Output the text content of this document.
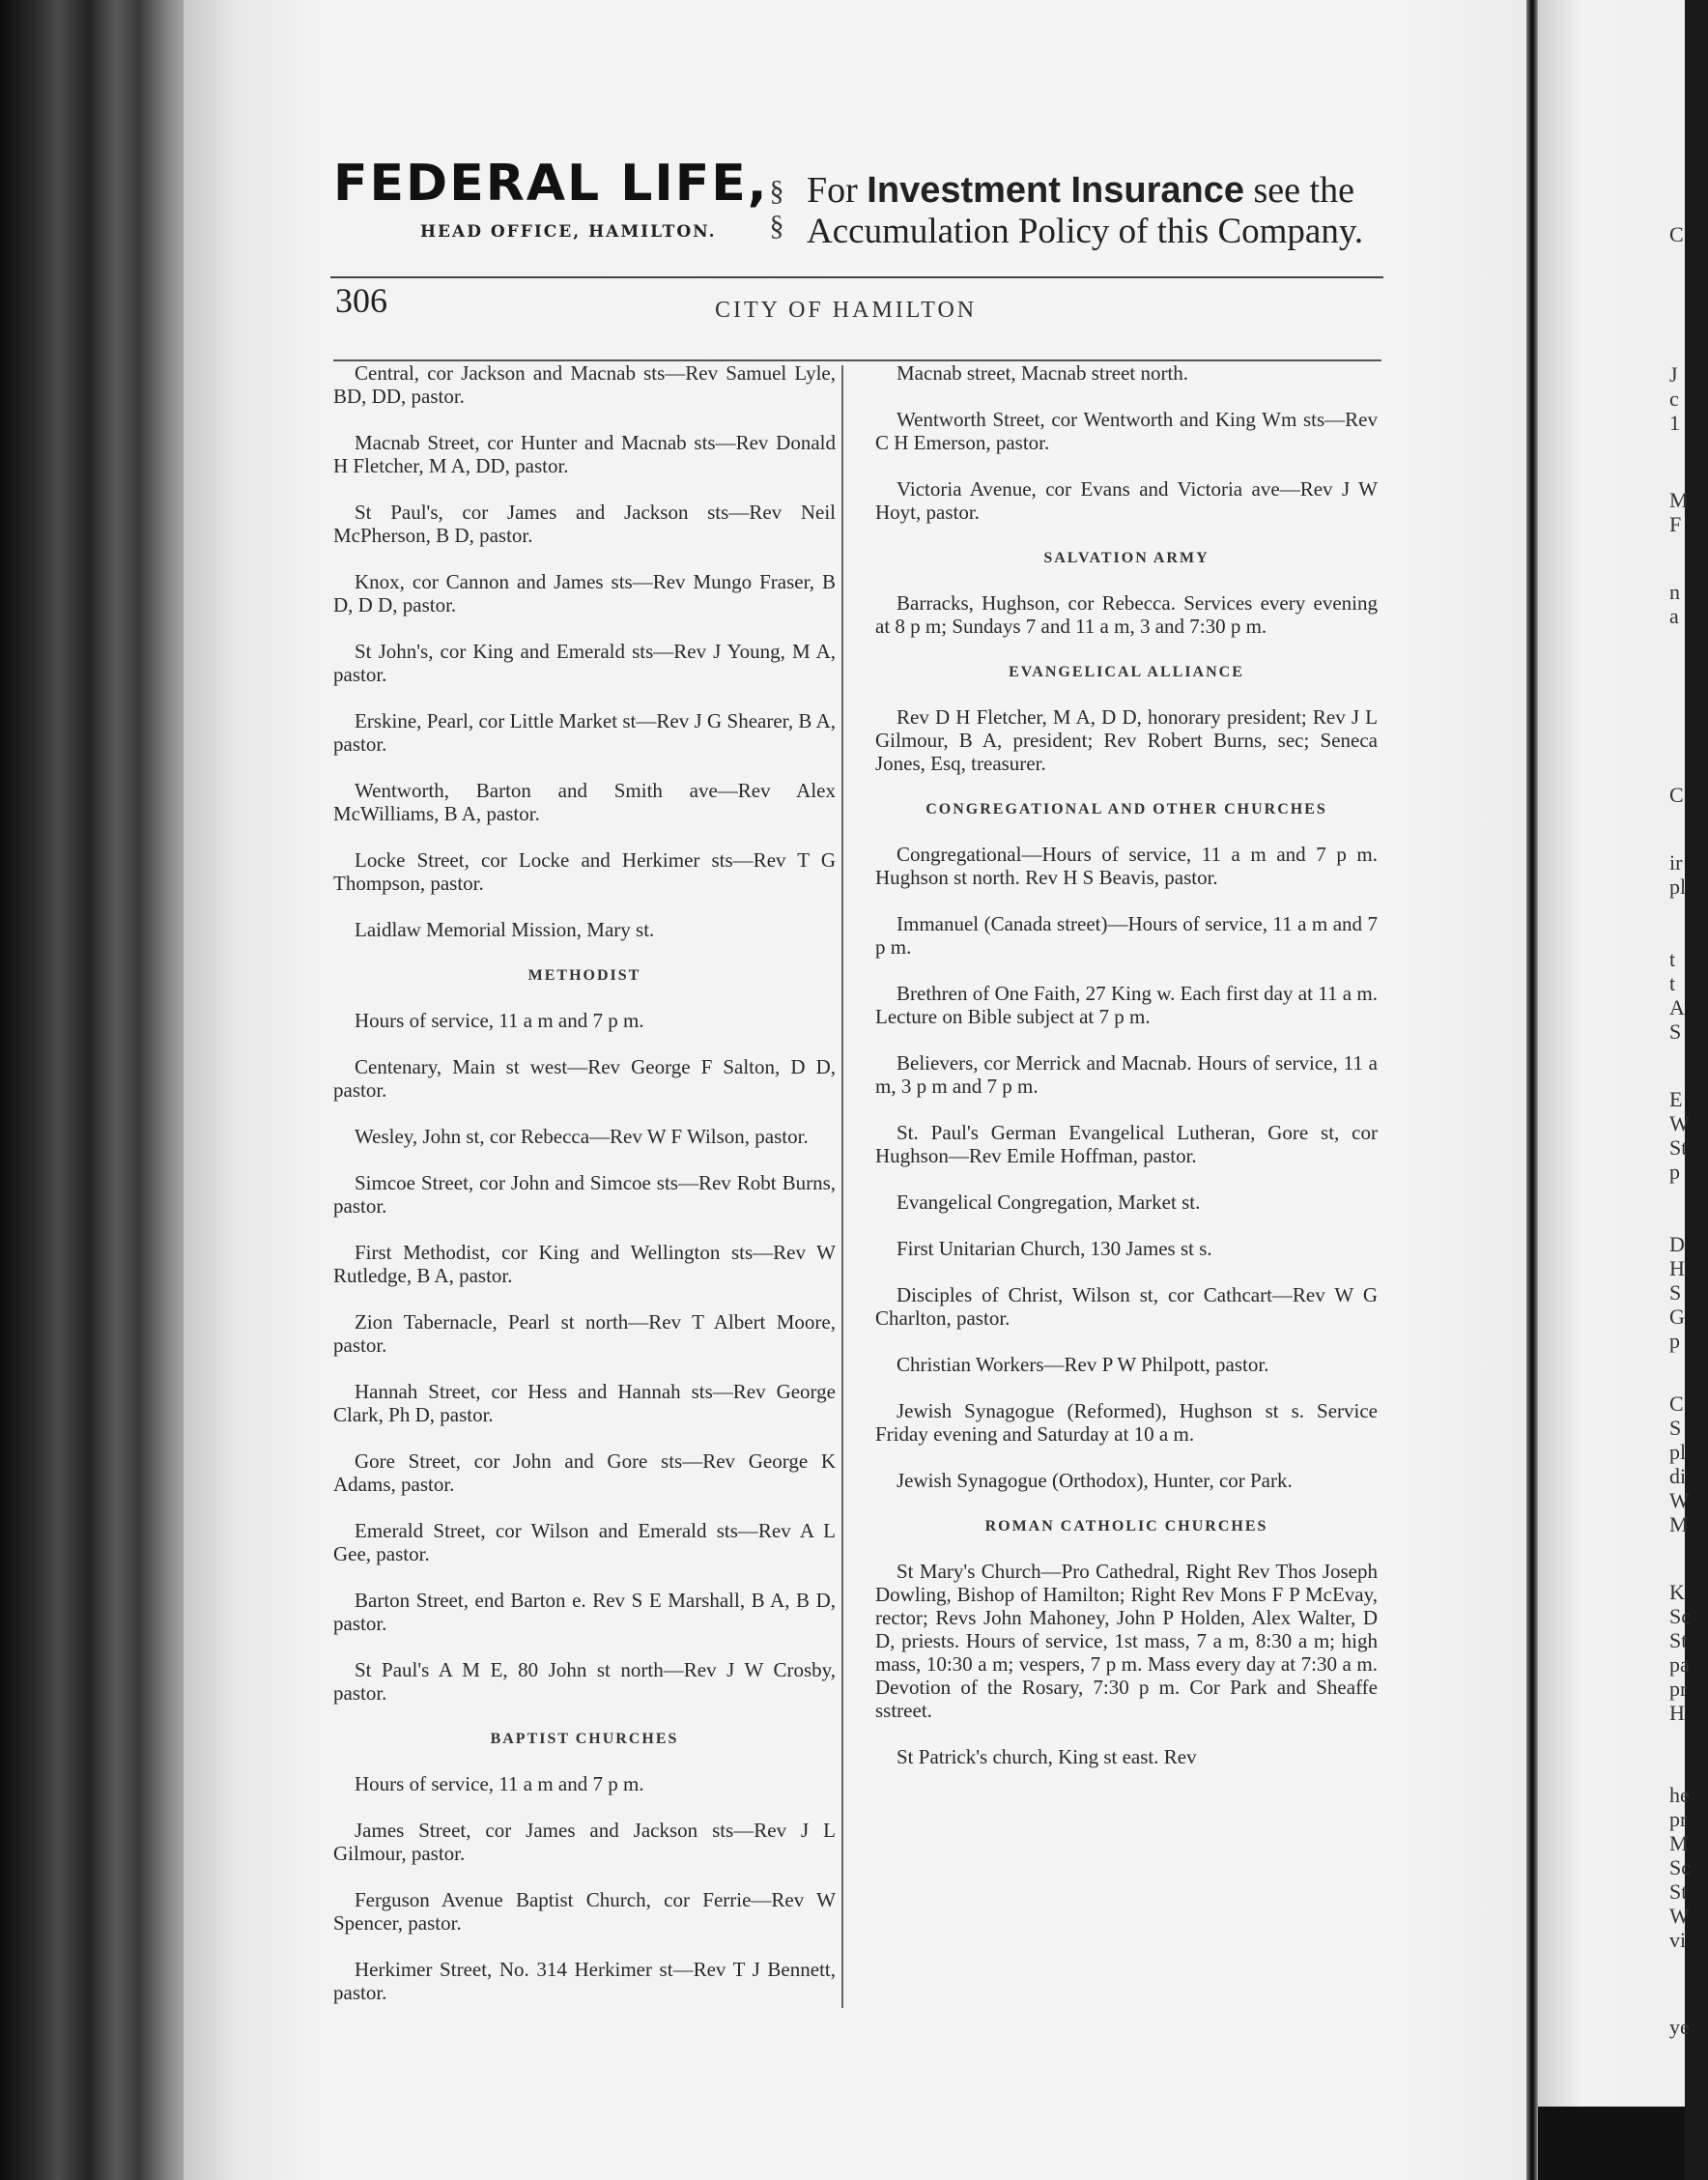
C
J
c
1
M
F
n
a
C
ir
pl
t
t
A
S
E
W
St
p
D
H
S
G
p
C
S
pl
di
W
M
K
Sc
St
pa
pr
H
he
pr
M
Sc
St
W
vi
ye
FEDERAL LIFE,
HEAD OFFICE, HAMILTON.
§
§
For Investment Insurance see the
Accumulation Policy of this Company.
306	CITY OF HAMILTON
Central, cor Jackson and Macnab sts—Rev Samuel Lyle, BD, DD, pastor.
Macnab Street, cor Hunter and Macnab sts—Rev Donald H Fletcher, M A, DD, pastor.
St Paul's, cor James and Jackson sts—Rev Neil McPherson, B D, pastor.
Knox, cor Cannon and James sts—Rev Mungo Fraser, B D, D D, pastor.
St John's, cor King and Emerald sts—Rev J Young, M A, pastor.
Erskine, Pearl, cor Little Market st—Rev J G Shearer, B A, pastor.
Wentworth, Barton and Smith ave—Rev Alex McWilliams, B A, pastor.
Locke Street, cor Locke and Herkimer sts—Rev T G Thompson, pastor.
Laidlaw Memorial Mission, Mary st.
METHODIST
Hours of service, 11 a m and 7 p m.
Centenary, Main st west—Rev George F Salton, D D, pastor.
Wesley, John st, cor Rebecca—Rev W F Wilson, pastor.
Simcoe Street, cor John and Simcoe sts—Rev Robt Burns, pastor.
First Methodist, cor King and Wellington sts—Rev W Rutledge, B A, pastor.
Zion Tabernacle, Pearl st north—Rev T Albert Moore, pastor.
Hannah Street, cor Hess and Hannah sts—Rev George Clark, Ph D, pastor.
Gore Street, cor John and Gore sts—Rev George K Adams, pastor.
Emerald Street, cor Wilson and Emerald sts—Rev A L Gee, pastor.
Barton Street, end Barton e. Rev S E Marshall, B A, B D, pastor.
St Paul's A M E, 80 John st north—Rev J W Crosby, pastor.
BAPTIST CHURCHES
Hours of service, 11 a m and 7 p m.
James Street, cor James and Jackson sts—Rev J L Gilmour, pastor.
Ferguson Avenue Baptist Church, cor Ferrie—Rev W Spencer, pastor.
Herkimer Street, No. 314 Herkimer st—Rev T J Bennett, pastor.
Macnab street, Macnab street north.
Wentworth Street, cor Wentworth and King Wm sts—Rev C H Emerson, pastor.
Victoria Avenue, cor Evans and Victoria ave—Rev J W Hoyt, pastor.
SALVATION ARMY
Barracks, Hughson, cor Rebecca. Services every evening at 8 p m; Sundays 7 and 11 a m, 3 and 7:30 p m.
EVANGELICAL ALLIANCE
Rev D H Fletcher, M A, D D, honorary president; Rev J L Gilmour, B A, president; Rev Robert Burns, sec; Seneca Jones, Esq, treasurer.
CONGREGATIONAL AND OTHER CHURCHES
Congregational—Hours of service, 11 a m and 7 p m. Hughson st north. Rev H S Beavis, pastor.
Immanuel (Canada street)—Hours of service, 11 a m and 7 p m.
Brethren of One Faith, 27 King w. Each first day at 11 a m. Lecture on Bible subject at 7 p m.
Believers, cor Merrick and Macnab. Hours of service, 11 a m, 3 p m and 7 p m.
St. Paul's German Evangelical Lutheran, Gore st, cor Hughson—Rev Emile Hoffman, pastor.
Evangelical Congregation, Market st.
First Unitarian Church, 130 James st s.
Disciples of Christ, Wilson st, cor Cathcart—Rev W G Charlton, pastor.
Christian Workers—Rev P W Philpott, pastor.
Jewish Synagogue (Reformed), Hughson st s. Service Friday evening and Saturday at 10 a m.
Jewish Synagogue (Orthodox), Hunter, cor Park.
ROMAN CATHOLIC CHURCHES
St Mary's Church—Pro Cathedral, Right Rev Thos Joseph Dowling, Bishop of Hamilton; Right Rev Mons F P McEvay, rector; Revs John Mahoney, John P Holden, Alex Walter, D D, priests. Hours of service, 1st mass, 7 a m, 8:30 a m; high mass, 10:30 a m; vespers, 7 p m. Mass every day at 7:30 a m. Devotion of the Rosary, 7:30 p m. Cor Park and Sheaffe sstreet.
St Patrick's church, King st east. Rev
